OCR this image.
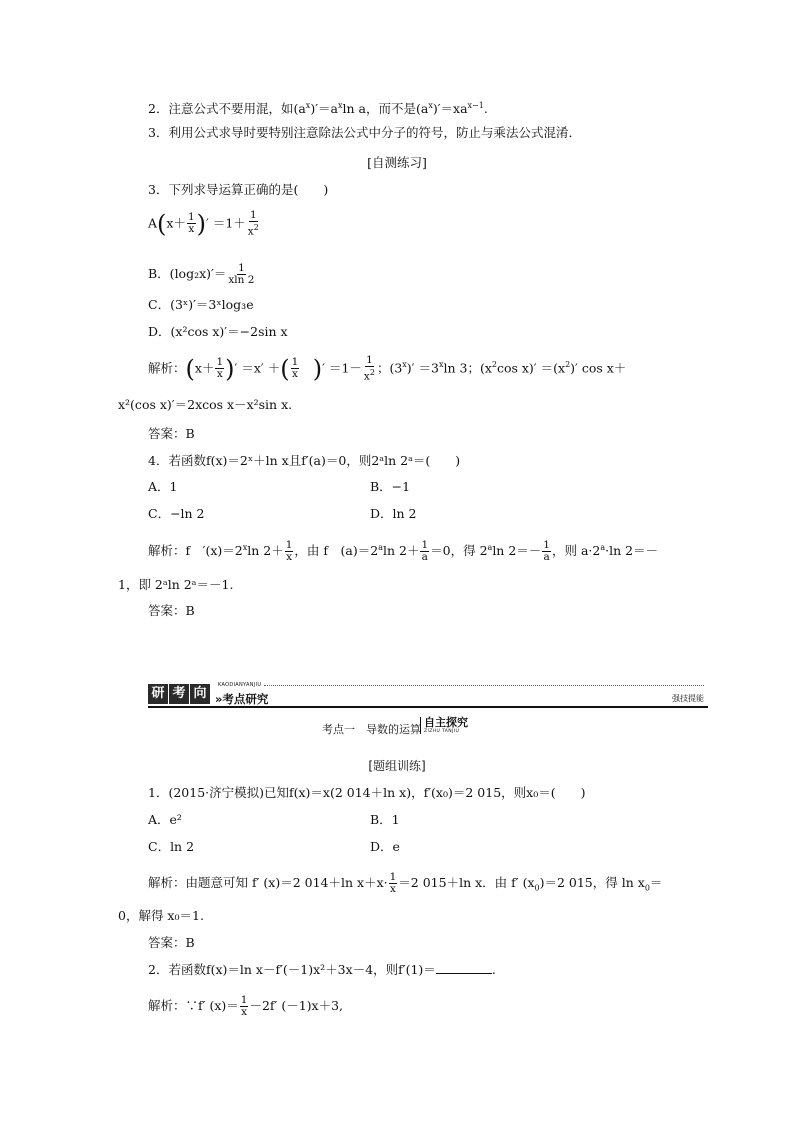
2．注意公式不要用混，如$(a^x)'=a^x\ln$ a，而不是$(a^x)'=xa^{x-1}$.
3．利用公式求导时要特别注意除法公式中分子的符号，防止与乘法公式混淆．
[自测练习]
3．下列求导运算正确的是(　　)
$A(x+ \frac{1}{x}$ )′ $=1+ \frac{1}{x^2}$
B．$(\log_2x)'= \frac{1}{xln 2}$
C．(3ˣ)′＝3ˣlog₃e
D．(x²cos x)′＝−2sin x
解析：($x+ \frac{1}{x}$ )′ ＝x′ ＋( $\frac{1}{x}$
　 )′ $=1- \frac{1}{x^2}$ ；$(3^x)' =3^x\ln$ 3；($x^2\cos$ $x)' =(x^2)'$ cos x＋
x²(cos x)′＝2xcos x－x²sin x.
答案：B
4．若函数f(x)＝2ˣ＋ln x且f′(a)＝0，则2ᵃln 2ᵃ＝(　　)
A．1	B．−1
C．−ln 2	D．ln 2
解析：f　$'(x)=2^x\ln$ $2+ \frac{1}{x}$ ，由 f　$(a)=2^a\ln$ $2+ \frac{1}{a} =0$，得 2$^a$ln $2=- \frac{1}{a}$ ，则 $a\cdot 2^a\cdot\ln$ 2＝－
1，即 2ᵃln 2ᵃ＝－1.
答案：B
研 考 向
KAODIANYANJIU
»考点研究	强技提能
考点一　导数的运算
自主探究
ZIZHU TANJIU
[题组训练]
1．(2015·济宁模拟)已知f(x)＝x(2 014＋ln x)，f′(x₀)＝2 015，则x₀＝(　　)
A．e²	B．1
C．ln 2	D．e
解析：由题意可知 f′ (x)＝2 014＋ln $x+x\cdot \frac{1}{x} =2$ 015＋ln x．由 f′ $(x_0)=2$ 015，得 $\ln x_0=$
0，解得 x₀＝1.
答案：B
2．若函数f(x)＝ln x－f′(－1)x²＋3x－4，则f′(1)＝	.
解析：∵f′ $(x)= \frac{1}{x} -2f'$ (－1)x＋3,
